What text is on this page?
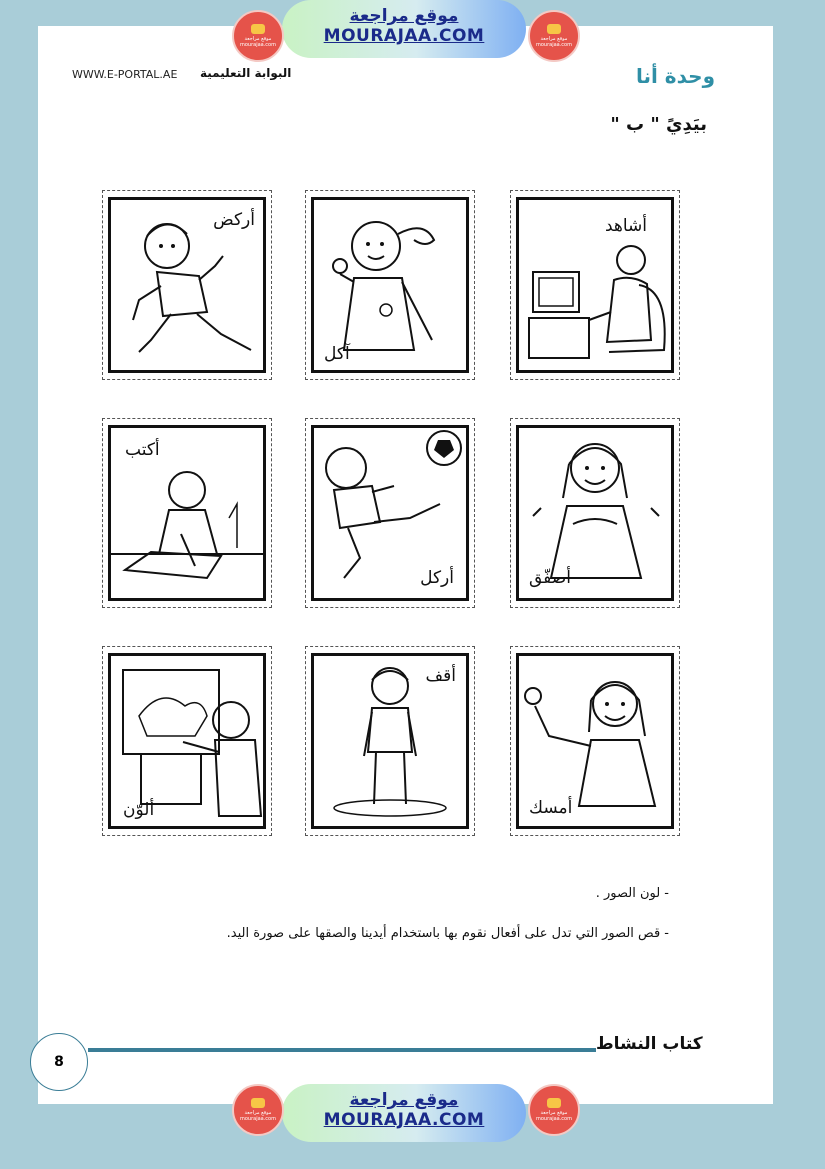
موقع مراجعة
MOURAJAA.COM
موقع مراجعة mourajaa.com
موقع مراجعة mourajaa.com
WWW.E-PORTAL.AE البوابة التعليمية	وحدة أنا
بيَدِيً " ب "
أشاهد
آكل
أركض
أصفّق
أركل
أكتب
أمسك
أقف
ألوّن
- لون الصور .
- قص الصور التي تدل على أفعال نقوم بها باستخدام أيدينا والصقها على صورة اليد.
كتاب النشاط
8
موقع مراجعة
MOURAJAA.COM
موقع مراجعة mourajaa.com
موقع مراجعة mourajaa.com
